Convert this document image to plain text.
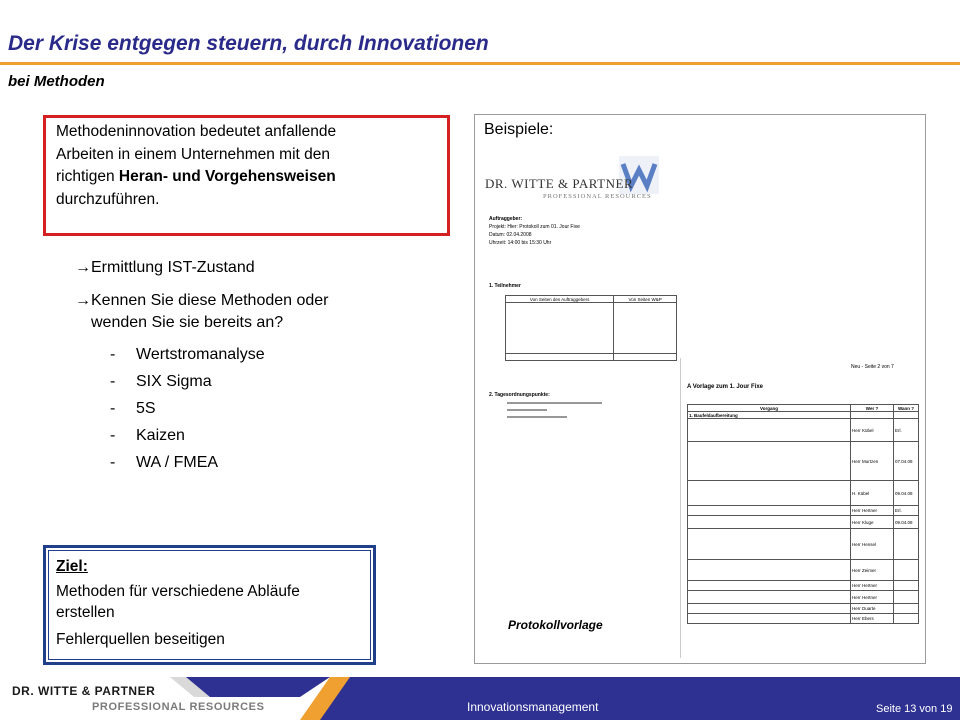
Der Krise entgegen steuern, durch Innovationen
bei Methoden
Methodeninnovation bedeutet anfallende
Arbeiten in einem Unternehmen mit den
richtigen Heran- und Vorgehensweisen
durchzuführen.
→Ermittlung IST-Zustand
→Kennen Sie diese Methoden oder
wenden Sie sie bereits an?
- Wertstromanalyse
- SIX Sigma
- 5S
- Kaizen
- WA / FMEA
Ziel:
Methoden für verschiedene Abläufe
erstellen
Fehlerquellen beseitigen
Beispiele:
DR. WITTE & PARTNER
PROFESSIONAL RESOURCES
Auftraggeber:
Projekt: Hier: Protokoll zum 01. Jour Fixe
Datum: 02.04.2008
Uhrzeit: 14:00 bis 15:30 Uhr
1. Teilnehmer
Von Seiten des Auftraggebers	Von Seiten W&P

2. Tagesordnungspunkte:
Neu - Seite 2 von 7
A Vorlage zum 1. Jour Fixe
Vorgang	Wer ?	Wann ?
1. Baufeldaufbereitung		
	Herr Kübel	Erl.
	Herr Murtzen	07.04.08
	H. Kübel	09.04.08
	Herr Hertner	Erl.
	Herr Kluge	09.04.08
	Herr Hensel	
	Herr Zeimer	
	Herr Hertner	
	Herr Hertner	
	Herr Duarte	
	Herr Ebers	
Protokollvorlage
DR. WITTE & PARTNER
PROFESSIONAL RESOURCES	Innovationsmanagement	Seite 13 von 19
